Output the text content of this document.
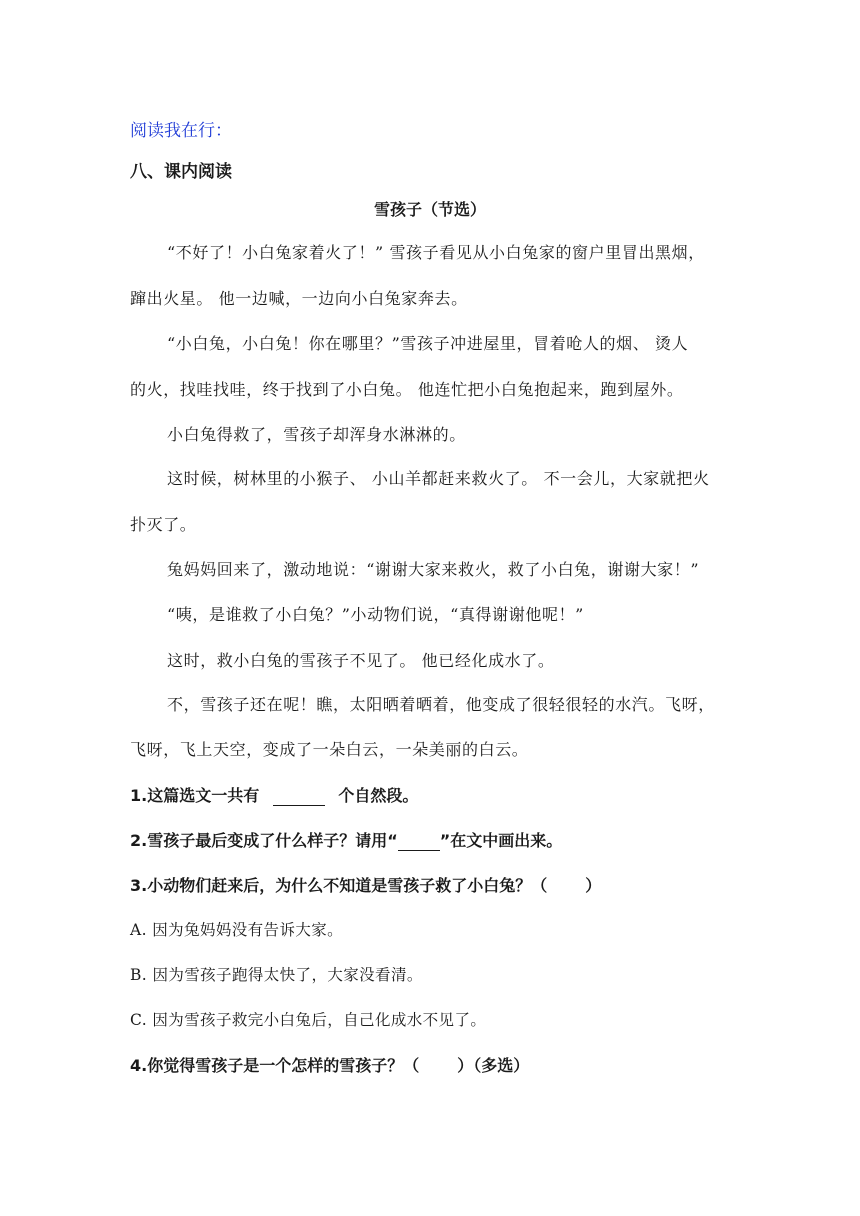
阅读我在行：
八、课内阅读
雪孩子（节选）
“不好了！小白兔家着火了！” 雪孩子看见从小白兔家的窗户里冒出黑烟，
蹿出火星。 他一边喊，一边向小白兔家奔去。
“小白兔，小白兔！你在哪里？”雪孩子冲进屋里，冒着呛人的烟、 烫人
的火，找哇找哇，终于找到了小白兔。 他连忙把小白兔抱起来，跑到屋外。
小白兔得救了，雪孩子却浑身水淋淋的。
这时候，树林里的小猴子、 小山羊都赶来救火了。 不一会儿，大家就把火
扑灭了。
兔妈妈回来了，激动地说：“谢谢大家来救火，救了小白兔，谢谢大家！”
“咦，是谁救了小白兔？”小动物们说，“真得谢谢他呢！”
这时，救小白兔的雪孩子不见了。 他已经化成水了。
不，雪孩子还在呢！瞧，太阳晒着晒着，他变成了很轻很轻的水汽。飞呀，
飞呀，飞上天空，变成了一朵白云，一朵美丽的白云。
1.这篇选文一共有	个自然段。
2.雪孩子最后变成了什么样子？请用“	”在文中画出来。
3.小动物们赶来后，为什么不知道是雪孩子救了小白兔？（ ）
A. 因为兔妈妈没有告诉大家。
B. 因为雪孩子跑得太快了，大家没看清。
C. 因为雪孩子救完小白兔后，自己化成水不见了。
4.你觉得雪孩子是一个怎样的雪孩子？（ ）（多选）
